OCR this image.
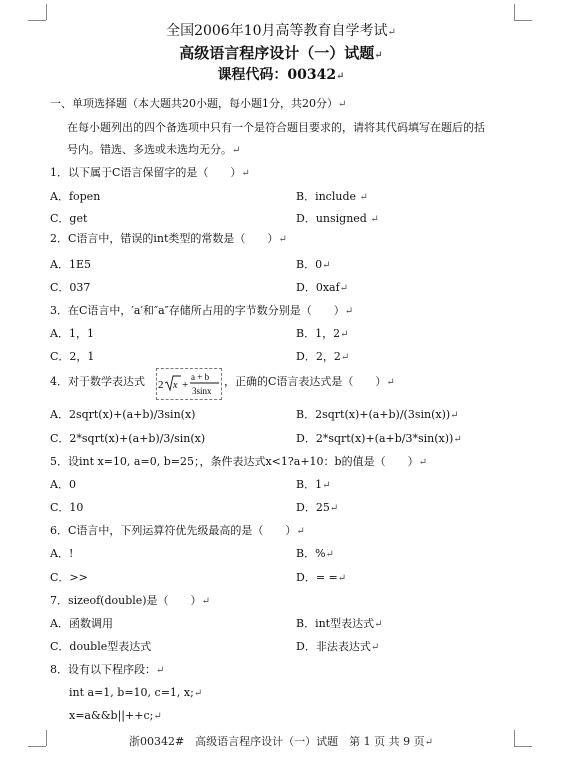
全国2006年10月高等教育自学考试↵
高级语言程序设计（一）试题↵
课程代码：00342↵
一、单项选择题（本大题共20小题，每小题1分，共20分）↵
在每小题列出的四个备选项中只有一个是符合题目要求的，请将其代码填写在题后的括
号内。错选、多选或未选均无分。↵
1．以下属于C语言保留字的是（　　）↵
A．fopen	B．include ↵
C．get	D．unsigned ↵
2．C语言中，错误的int类型的常数是（　　）↵
A．1E5	B．0↵
C．037	D．0xaf↵
3．在C语言中，′a′和″a″存储所占用的字节数分别是（　　）↵
A．1，1	B．1，2↵
C．2，1	D．2，2↵
4．对于数学表达式 2 x +
a + b
3sinx
，正确的C语言表达式是（　　）↵
A．2sqrt(x)+(a+b)/3sin(x)	B．2sqrt(x)+(a+b)/(3sin(x))↵
C．2*sqrt(x)+(a+b)/3/sin(x)	D．2*sqrt(x)+(a+b/3*sin(x))↵
5．设int x=10, a=0, b=25；，条件表达式x<1?a+10：b的值是（　　）↵
A．0	B．1↵
C．10	D．25↵
6．C语言中，下列运算符优先级最高的是（　　）↵
A．!	B．%↵
C．>>	D．= =↵
7．sizeof(double)是（　　）↵
A．函数调用	B．int型表达式↵
C．double型表达式	D．非法表达式↵
8．设有以下程序段：↵
int a=1, b=10, c=1, x;↵
x=a&&b||++c;↵
浙00342#　高级语言程序设计（一）试题　第 1 页 共 9 页↵
